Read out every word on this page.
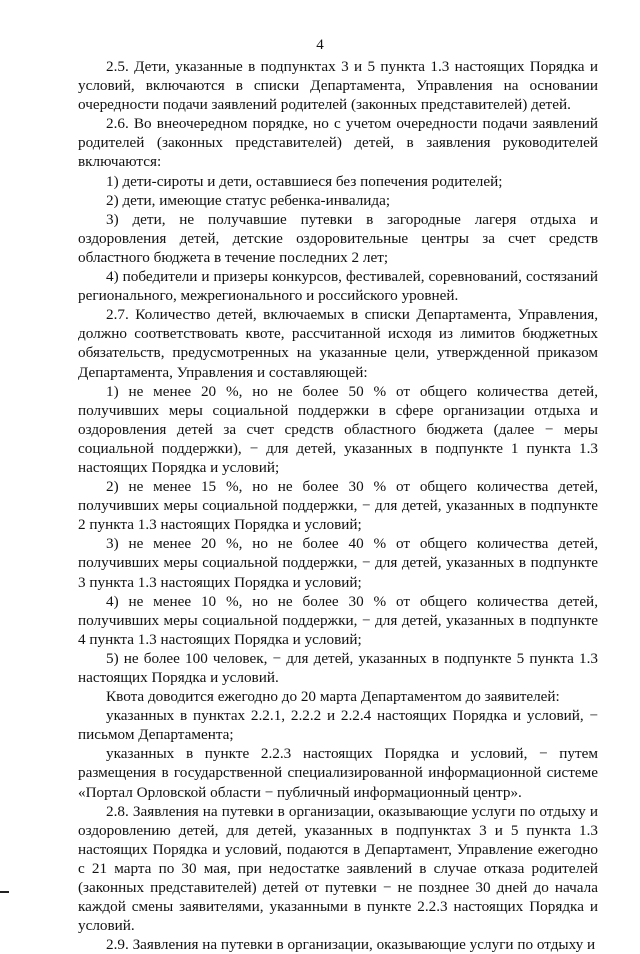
4

2.5. Дети, указанные в подпунктах 3 и 5 пункта 1.3 настоящих Порядка и условий, включаются в списки Департамента, Управления на основании очередности подачи заявлений родителей (законных представителей) детей.

2.6. Во внеочередном порядке, но с учетом очередности подачи заявлений родителей (законных представителей) детей, в заявления руководителей включаются:

1) дети-сироты и дети, оставшиеся без попечения родителей;

2) дети, имеющие статус ребенка-инвалида;

3) дети, не получавшие путевки в загородные лагеря отдыха и оздоровления детей, детские оздоровительные центры за счет средств областного бюджета в течение последних 2 лет;

4) победители и призеры конкурсов, фестивалей, соревнований, состязаний регионального, межрегионального и российского уровней.

2.7. Количество детей, включаемых в списки Департамента, Управления, должно соответствовать квоте, рассчитанной исходя из лимитов бюджетных обязательств, предусмотренных на указанные цели, утвержденной приказом Департамента, Управления и составляющей:

1) не менее 20 %, но не более 50 % от общего количества детей, получивших меры социальной поддержки в сфере организации отдыха и оздоровления детей за счет средств областного бюджета (далее − меры социальной поддержки), − для детей, указанных в подпункте 1 пункта 1.3 настоящих Порядка и условий;

2) не менее 15 %, но не более 30 % от общего количества детей, получивших меры социальной поддержки, − для детей, указанных в подпункте 2 пункта 1.3 настоящих Порядка и условий;

3) не менее 20 %, но не более 40 % от общего количества детей, получивших меры социальной поддержки, − для детей, указанных в подпункте 3 пункта 1.3 настоящих Порядка и условий;

4) не менее 10 %, но не более 30 % от общего количества детей, получивших меры социальной поддержки, − для детей, указанных в подпункте 4 пункта 1.3 настоящих Порядка и условий;

5) не более 100 человек, − для детей, указанных в подпункте 5 пункта 1.3 настоящих Порядка и условий.

Квота доводится ежегодно до 20 марта Департаментом до заявителей:

указанных в пунктах 2.2.1, 2.2.2 и 2.2.4 настоящих Порядка и условий, − письмом Департамента;

указанных в пункте 2.2.3 настоящих Порядка и условий, − путем размещения в государственной специализированной информационной системе «Портал Орловской области − публичный информационный центр».

2.8. Заявления на путевки в организации, оказывающие услуги по отдыху и оздоровлению детей, для детей, указанных в подпунктах 3 и 5 пункта 1.3 настоящих Порядка и условий, подаются в Департамент, Управление ежегодно с 21 марта по 30 мая, при недостатке заявлений в случае отказа родителей (законных представителей) детей от путевки − не позднее 30 дней до начала каждой смены заявителями, указанными в пункте 2.2.3 настоящих Порядка и условий.

2.9. Заявления на путевки в организации, оказывающие услуги по отдыху и
